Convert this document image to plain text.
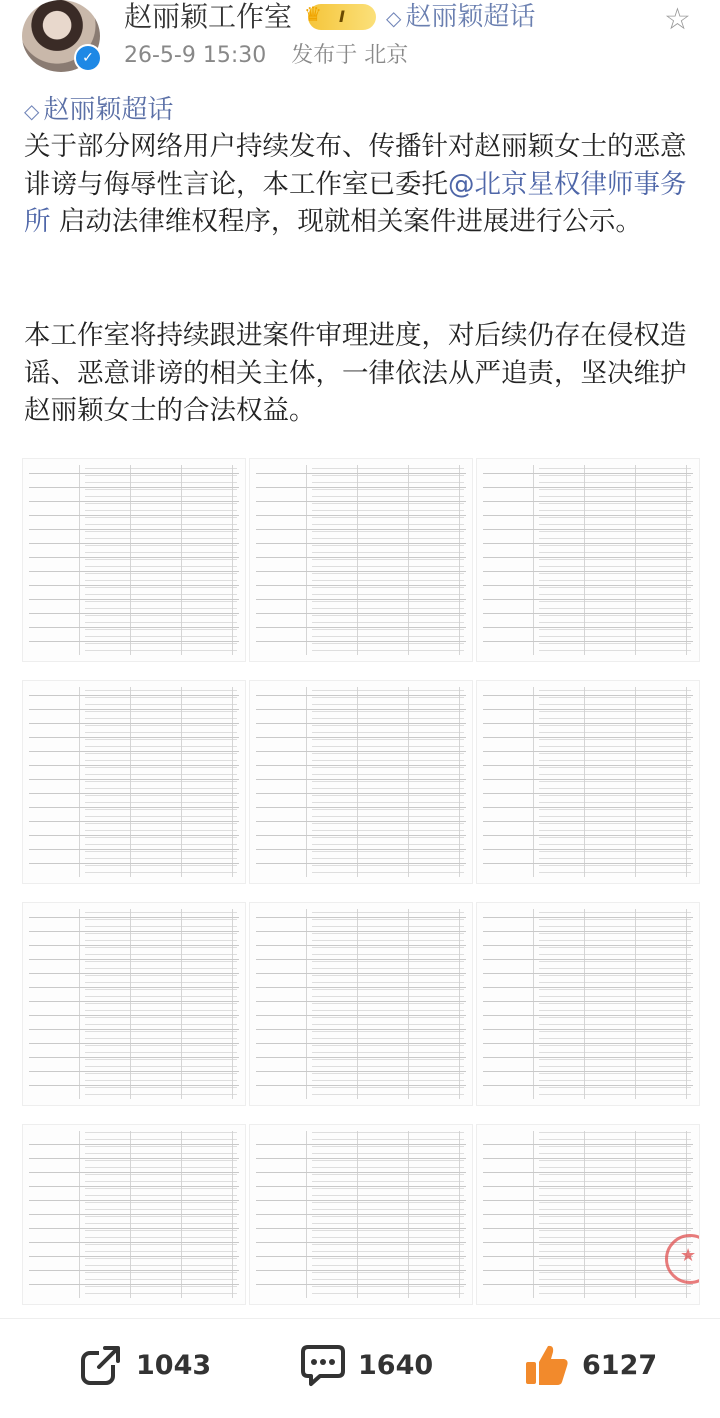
✓
赵丽颖工作室 ♛ I	◇ 赵丽颖超话	☆
26-5-9 15:30 发布于 北京
◇ 赵丽颖超话

关于部分网络用户持续发布、传播针对赵丽颖女士的恶意诽谤与侮辱性言论，本工作室已委托@北京星权律师事务所 启动法律维权程序，现就相关案件进展进行公示。

本工作室将持续跟进案件审理进度，对后续仍存在侵权造谣、恶意诽谤的相关主体，一律依法从严追责，坚决维护赵丽颖女士的合法权益。

★
1043	1640	6127
